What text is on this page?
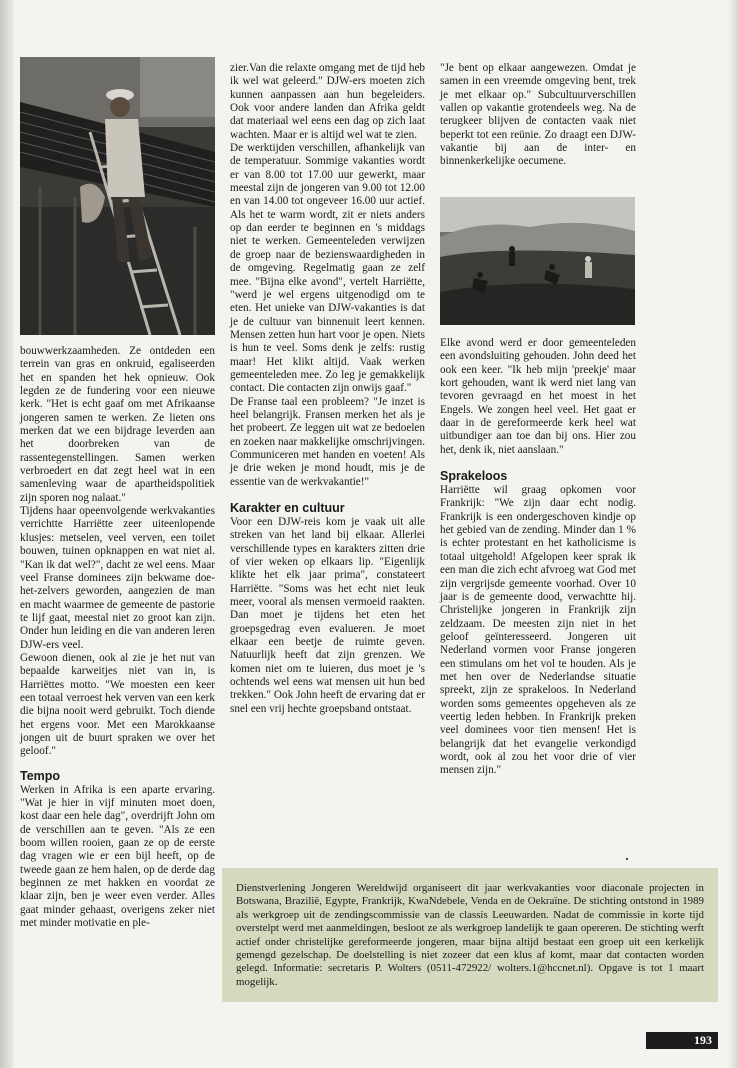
bouwwerkzaamheden. Ze ontdeden een terrein van gras en onkruid, egaliseerden het en spanden het hek opnieuw. Ook legden ze de fundering voor een nieuwe kerk. "Het is echt gaaf om met Afrikaanse jongeren samen te werken. Ze lieten ons merken dat we een bijdrage leverden aan het doorbreken van de rassentegenstellingen. Samen werken verbroedert en dat zegt heel wat in een samenleving waar de apartheidspolitiek zijn sporen nog nalaat."

Tijdens haar opeenvolgende werkvakanties verrichtte Harriëtte zeer uiteenlopende klusjes: metselen, veel verven, een toilet bouwen, tuinen opknappen en wat niet al. "Kan ik dat wel?", dacht ze wel eens. Maar veel Franse dominees zijn bekwame doe-het-zelvers geworden, aangezien de man en macht waarmee de gemeente de pastorie te lijf gaat, meestal niet zo groot kan zijn. Onder hun leiding en die van anderen leren DJW-ers veel.

Gewoon dienen, ook al zie je het nut van bepaalde karweitjes niet van in, is Harriëttes motto. "We moesten een keer een totaal verroest hek verven van een kerk die bijna nooit werd gebruikt. Toch diende het ergens voor. Met een Marokkaanse jongen uit de buurt spraken we over het geloof."

Tempo

Werken in Afrika is een aparte ervaring. "Wat je hier in vijf minuten moet doen, kost daar een hele dag", overdrijft John om de verschillen aan te geven. "Als ze een boom willen rooien, gaan ze op de eerste dag vragen wie er een bijl heeft, op de tweede gaan ze hem halen, op de derde dag beginnen ze met hakken en voordat ze klaar zijn, ben je weer even verder. Alles gaat minder gehaast, overigens zeker niet met minder motivatie en ple-

zier.Van die relaxte omgang met de tijd heb ik wel wat geleerd." DJW-ers moeten zich kunnen aanpassen aan hun begeleiders. Ook voor andere landen dan Afrika geldt dat materiaal wel eens een dag op zich laat wachten. Maar er is altijd wel wat te zien.

De werktijden verschillen, afhankelijk van de temperatuur. Sommige vakanties wordt er van 8.00 tot 17.00 uur gewerkt, maar meestal zijn de jongeren van 9.00 tot 12.00 en van 14.00 tot ongeveer 16.00 uur actief. Als het te warm wordt, zit er niets anders op dan eerder te beginnen en 's middags niet te werken. Gemeenteleden verwijzen de groep naar de bezienswaardigheden in de omgeving. Regelmatig gaan ze zelf mee. "Bijna elke avond", vertelt Harriëtte, "werd je wel ergens uitgenodigd om te eten. Het unieke van DJW-vakanties is dat je de cultuur van binnenuit leert kennen. Mensen zetten hun hart voor je open. Niets is hun te veel. Soms denk je zelfs: rustig maar! Het klikt altijd. Vaak werken gemeenteleden mee. Zo leg je gemakkelijk contact. Die contacten zijn onwijs gaaf."

De Franse taal een probleem? "Je inzet is heel belangrijk. Fransen merken het als je het probeert. Ze leggen uit wat ze bedoelen en zoeken naar makkelijke omschrijvingen. Communiceren met handen en voeten! Als je drie weken je mond houdt, mis je de essentie van de werkvakantie!"

Karakter en cultuur

Voor een DJW-reis kom je vaak uit alle streken van het land bij elkaar. Allerlei verschillende types en karakters zitten drie of vier weken op elkaars lip. "Eigenlijk klikte het elk jaar prima", constateert Harriëtte. "Soms was het echt niet leuk meer, vooral als mensen vermoeid raakten. Dan moet je tijdens het eten het groepsgedrag even evalueren. Je moet elkaar een beetje de ruimte geven. Natuurlijk heeft dat zijn grenzen. We komen niet om te luieren, dus moet je 's ochtends wel eens wat mensen uit hun bed trekken." Ook John heeft de ervaring dat er snel een vrij hechte groepsband ontstaat.

"Je bent op elkaar aangewezen. Omdat je samen in een vreemde omgeving bent, trek je met elkaar op." Subcultuurverschillen vallen op vakantie grotendeels weg. Na de terugkeer blijven de contacten vaak niet beperkt tot een reünie. Zo draagt een DJW-vakantie bij aan de inter- en binnenkerkelijke oecumene.

Elke avond werd er door gemeenteleden een avondsluiting gehouden. John deed het ook een keer. "Ik heb mijn 'preekje' maar kort gehouden, want ik werd niet lang van tevoren gevraagd en het moest in het Engels. We zongen heel veel. Het gaat er daar in de gereformeerde kerk heel wat uitbundiger aan toe dan bij ons. Hier zou het, denk ik, niet aanslaan."

Sprakeloos

Harriëtte wil graag opkomen voor Frankrijk: "We zijn daar echt nodig. Frankrijk is een ondergeschoven kindje op het gebied van de zending. Minder dan 1 % is echter protestant en het katholicisme is totaal uitgehold! Afgelopen keer sprak ik een man die zich echt afvroeg wat God met zijn vergrijsde gemeente voorhad. Over 10 jaar is de gemeente dood, verwachtte hij. Christelijke jongeren in Frankrijk zijn zeldzaam. De meesten zijn niet in het geloof geïnteresseerd. Jongeren uit Nederland vormen voor Franse jongeren een stimulans om het vol te houden. Als je met hen over de Nederlandse situatie spreekt, zijn ze sprakeloos. In Nederland worden soms gemeentes opgeheven als ze veertig leden hebben. In Frankrijk preken veel dominees voor tien mensen! Het is belangrijk dat het evangelie verkondigd wordt, ook al zou het voor drie of vier mensen zijn."

Dienstverlening Jongeren Wereldwijd organiseert dit jaar werkvakanties voor diaconale projecten in Botswana, Brazilië, Egypte, Frankrijk, KwaNdebele, Venda en de Oekraïne. De stichting ontstond in 1989 als werkgroep uit de zendingscommissie van de classis Leeuwarden. Nadat de commissie in korte tijd overstelpt werd met aanmeldingen, besloot ze als werkgroep landelijk te gaan opereren. De stichting werft actief onder christelijke gereformeerde jongeren, maar bijna altijd bestaat een groep uit een kerkelijk gemengd gezelschap. De doelstelling is niet zozeer dat een klus af komt, maar dat contacten worden gelegd. Informatie: secretaris P. Wolters (0511-472922/ wolters.1@hccnet.nl). Opgave is tot 1 maart mogelijk.

193
